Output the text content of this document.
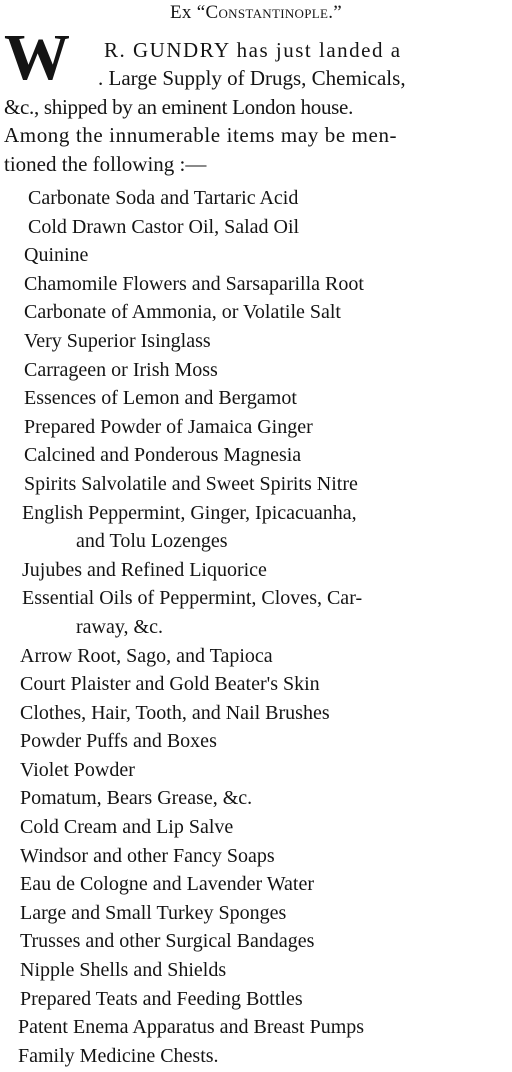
Ex “Constantinople.”
W R. GUNDRY has just landed a
. Large Supply of Drugs, Chemicals,
&c., shipped by an eminent London house.
Among the innumerable items may be men-
tioned the following :—
Carbonate Soda and Tartaric Acid
Cold Drawn Castor Oil, Salad Oil
Quinine
Chamomile Flowers and Sarsaparilla Root
Carbonate of Ammonia, or Volatile Salt
Very Superior Isinglass
Carrageen or Irish Moss
Essences of Lemon and Bergamot
Prepared Powder of Jamaica Ginger
Calcined and Ponderous Magnesia
Spirits Salvolatile and Sweet Spirits Nitre
English Peppermint, Ginger, Ipicacuanha,
and Tolu Lozenges
Jujubes and Refined Liquorice
Essential Oils of Peppermint, Cloves, Car-
raway, &c.
Arrow Root, Sago, and Tapioca
Court Plaister and Gold Beater's Skin
Clothes, Hair, Tooth, and Nail Brushes
Powder Puffs and Boxes
Violet Powder
Pomatum, Bears Grease, &c.
Cold Cream and Lip Salve
Windsor and other Fancy Soaps
Eau de Cologne and Lavender Water
Large and Small Turkey Sponges
Trusses and other Surgical Bandages
Nipple Shells and Shields
Prepared Teats and Feeding Bottles
Patent Enema Apparatus and Breast Pumps
Family Medicine Chests.
